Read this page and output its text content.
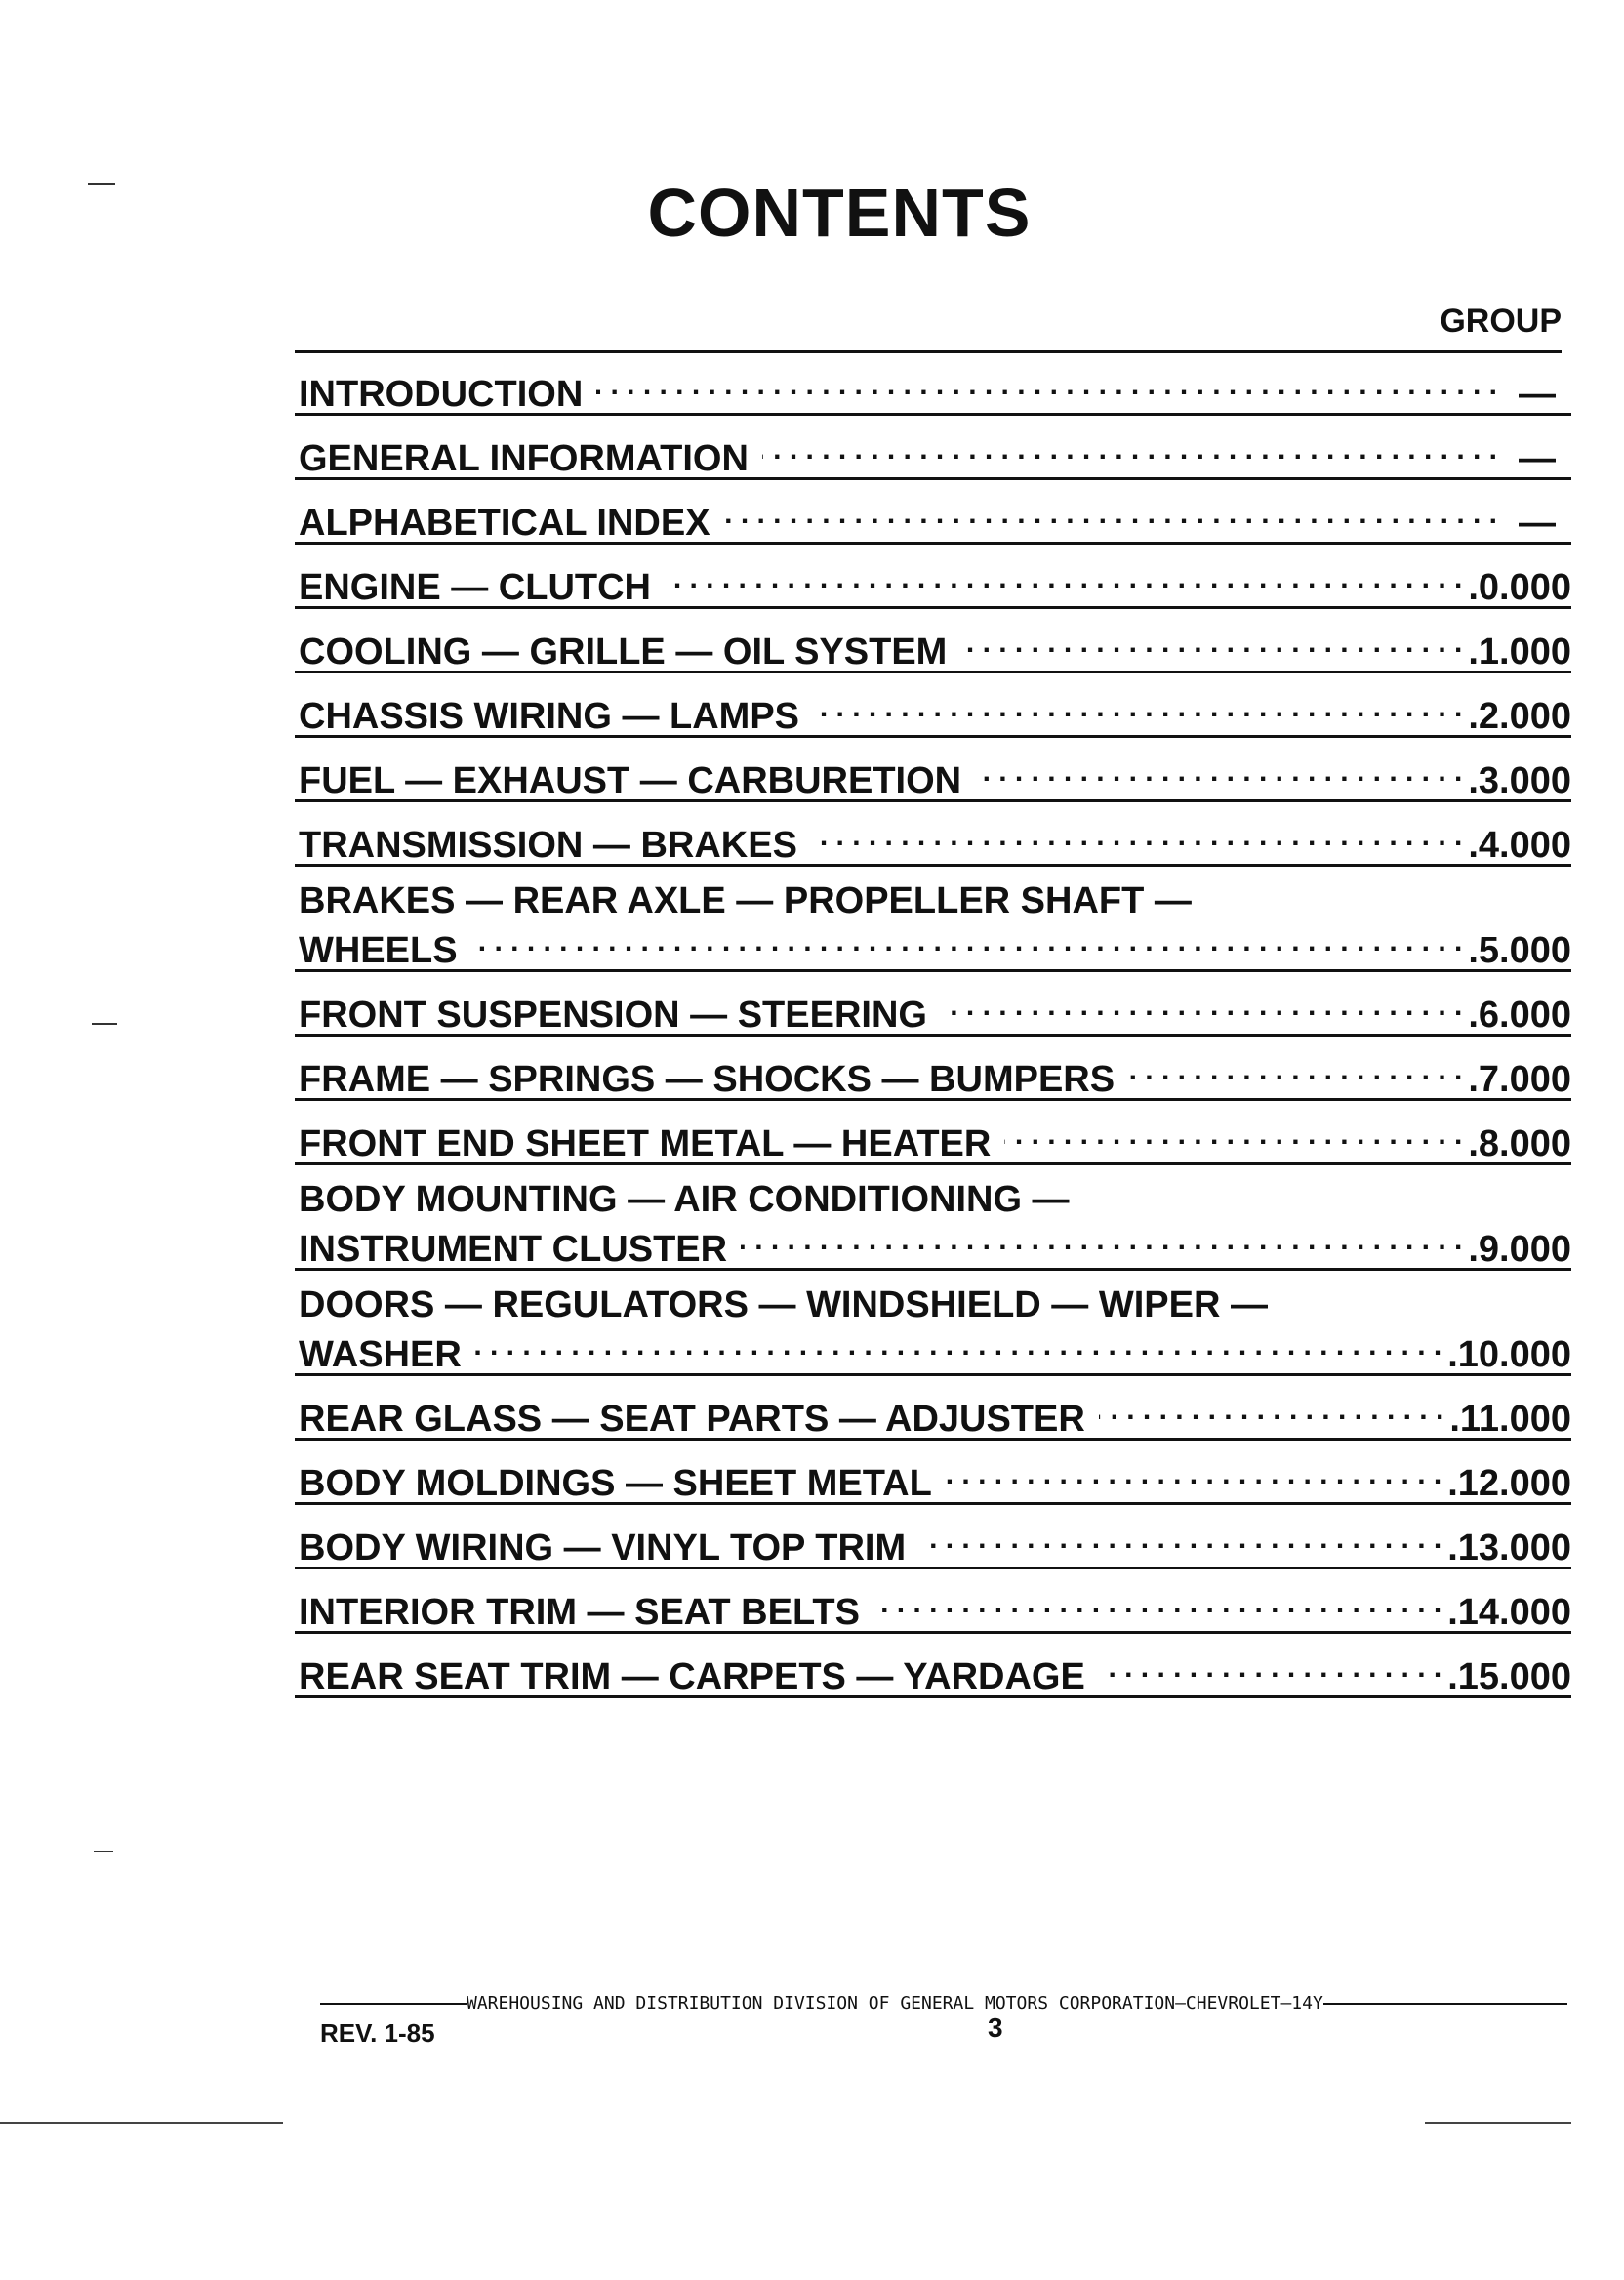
CONTENTS
GROUP
INTRODUCTION . . .	—
GENERAL INFORMATION . . .	—
ALPHABETICAL INDEX . . .	—
ENGINE — CLUTCH . . .	.0.000
COOLING — GRILLE — OIL SYSTEM . . .	.1.000
CHASSIS WIRING — LAMPS . . .	.2.000
FUEL — EXHAUST — CARBURETION . . .	.3.000
TRANSMISSION — BRAKES . . .	.4.000
BRAKES — REAR AXLE — PROPELLER SHAFT —
WHEELS . . .	.5.000
FRONT SUSPENSION — STEERING . . .	.6.000
FRAME — SPRINGS — SHOCKS — BUMPERS . . .	.7.000
FRONT END SHEET METAL — HEATER . . .	.8.000
BODY MOUNTING — AIR CONDITIONING —
INSTRUMENT CLUSTER . . .	.9.000
DOORS — REGULATORS — WINDSHIELD — WIPER —
WASHER . . .	.10.000
REAR GLASS — SEAT PARTS — ADJUSTER . . .	.11.000
BODY MOLDINGS — SHEET METAL . . .	.12.000
BODY WIRING — VINYL TOP TRIM . . .	.13.000
INTERIOR TRIM — SEAT BELTS . . .	.14.000
REAR SEAT TRIM — CARPETS — YARDAGE . . .	.15.000
WAREHOUSING AND DISTRIBUTION DIVISION OF GENERAL MOTORS CORPORATION—CHEVROLET—14Y
REV. 1-85	3
